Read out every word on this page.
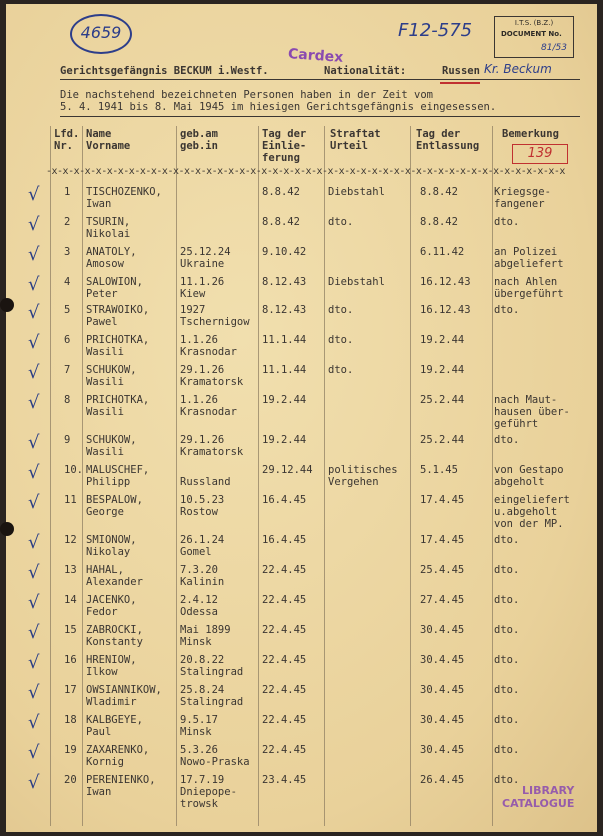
4659	F12-575	I.T.S. (B.Z.)
DOCUMENT No.
81/53
Cardex
Gerichtsgefängnis BECKUM i.Westf.	Nationalität:	Russen Kr. Beckum
Die nachstehend bezeichneten Personen haben in der Zeit vom
5. 4. 1941 bis 8. Mai 1945 im hiesigen Gerichtsgefängnis eingesessen.
Lfd.
Nr.
Name
Vorname
geb.am
geb.in
Tag der
Einlie-
ferung
Straftat
Urteil
Tag der
Entlassung
Bemerkung
139
-x-x-x-x-x-x-x-x-x-x-x-x-x-x-x-x-x-x-x-x-x-x-x-x-x-x-x-x-x-x-x-x-x-x-x-x-x-x-x-x-x-x-x-x-x-x-x
√ 1 TISCHOZENKO,
Iwan
8.8.42	Diebstahl	8.8.42	Kriegsge-
fangener
√ 2 TSURIN,
Nikolai
8.8.42	dto.	8.8.42	dto.
√ 3 ANATOLY,
Amosow
25.12.24
Ukraine
9.10.42	6.11.42	an Polizei
abgeliefert
√ 4 SALOWION,
Peter
11.1.26
Kiew
8.12.43 Diebstahl	16.12.43 nach Ahlen
übergeführt
√ 5 STRAWOIKO,
Pawel
1927
Tschernigow
8.12.43 dto.	16.12.43 dto.
√ 6 PRICHOTKA,
Wasili
1.1.26
Krasnodar
11.1.44 dto.	19.2.44
√ 7 SCHUKOW,
Wasili
29.1.26
Kramatorsk
11.1.44 dto.	19.2.44
√ 8 PRICHOTKA,
Wasili
1.1.26
Krasnodar
19.2.44	25.2.44	nach Maut-
hausen über-
geführt
√ 9 SCHUKOW,
Wasili
29.1.26
Kramatorsk
19.2.44	25.2.44	dto.
√ 10. MALUSCHEF,
Philipp	
Russland
29.12.44 politisches
Vergehen
5.1.45	von Gestapo
abgeholt
√ 11 BESPALOW,
George
10.5.23
Rostow
16.4.45	17.4.45	eingeliefert
u.abgeholt
von der MP.
√ 12 SMIONOW,
Nikolay
26.1.24
Gomel
16.4.45	17.4.45	dto.
√ 13 HAHAL,
Alexander
7.3.20
Kalinin
22.4.45	25.4.45	dto.
√ 14 JACENKO,
Fedor
2.4.12
Odessa
22.4.45	27.4.45	dto.
√ 15 ZABROCKI,
Konstanty
Mai 1899
Minsk
22.4.45	30.4.45	dto.
√ 16 HRENIOW,
Ilkow
20.8.22
Stalingrad
22.4.45	30.4.45	dto.
√ 17 OWSIANNIKOW,
Wladimir
25.8.24
Stalingrad
22.4.45	30.4.45	dto.
√ 18 KALBGEYE,
Paul
9.5.17
Minsk
22.4.45	30.4.45	dto.
√ 19 ZAXARENKO,
Kornig
5.3.26
Nowo-Praska
22.4.45	30.4.45	dto.
√ 20 PERENIENKO,
Iwan
17.7.19
Dniepope-
trowsk
23.4.45	26.4.45	dto.
LIBRARY
CATALOGUE
